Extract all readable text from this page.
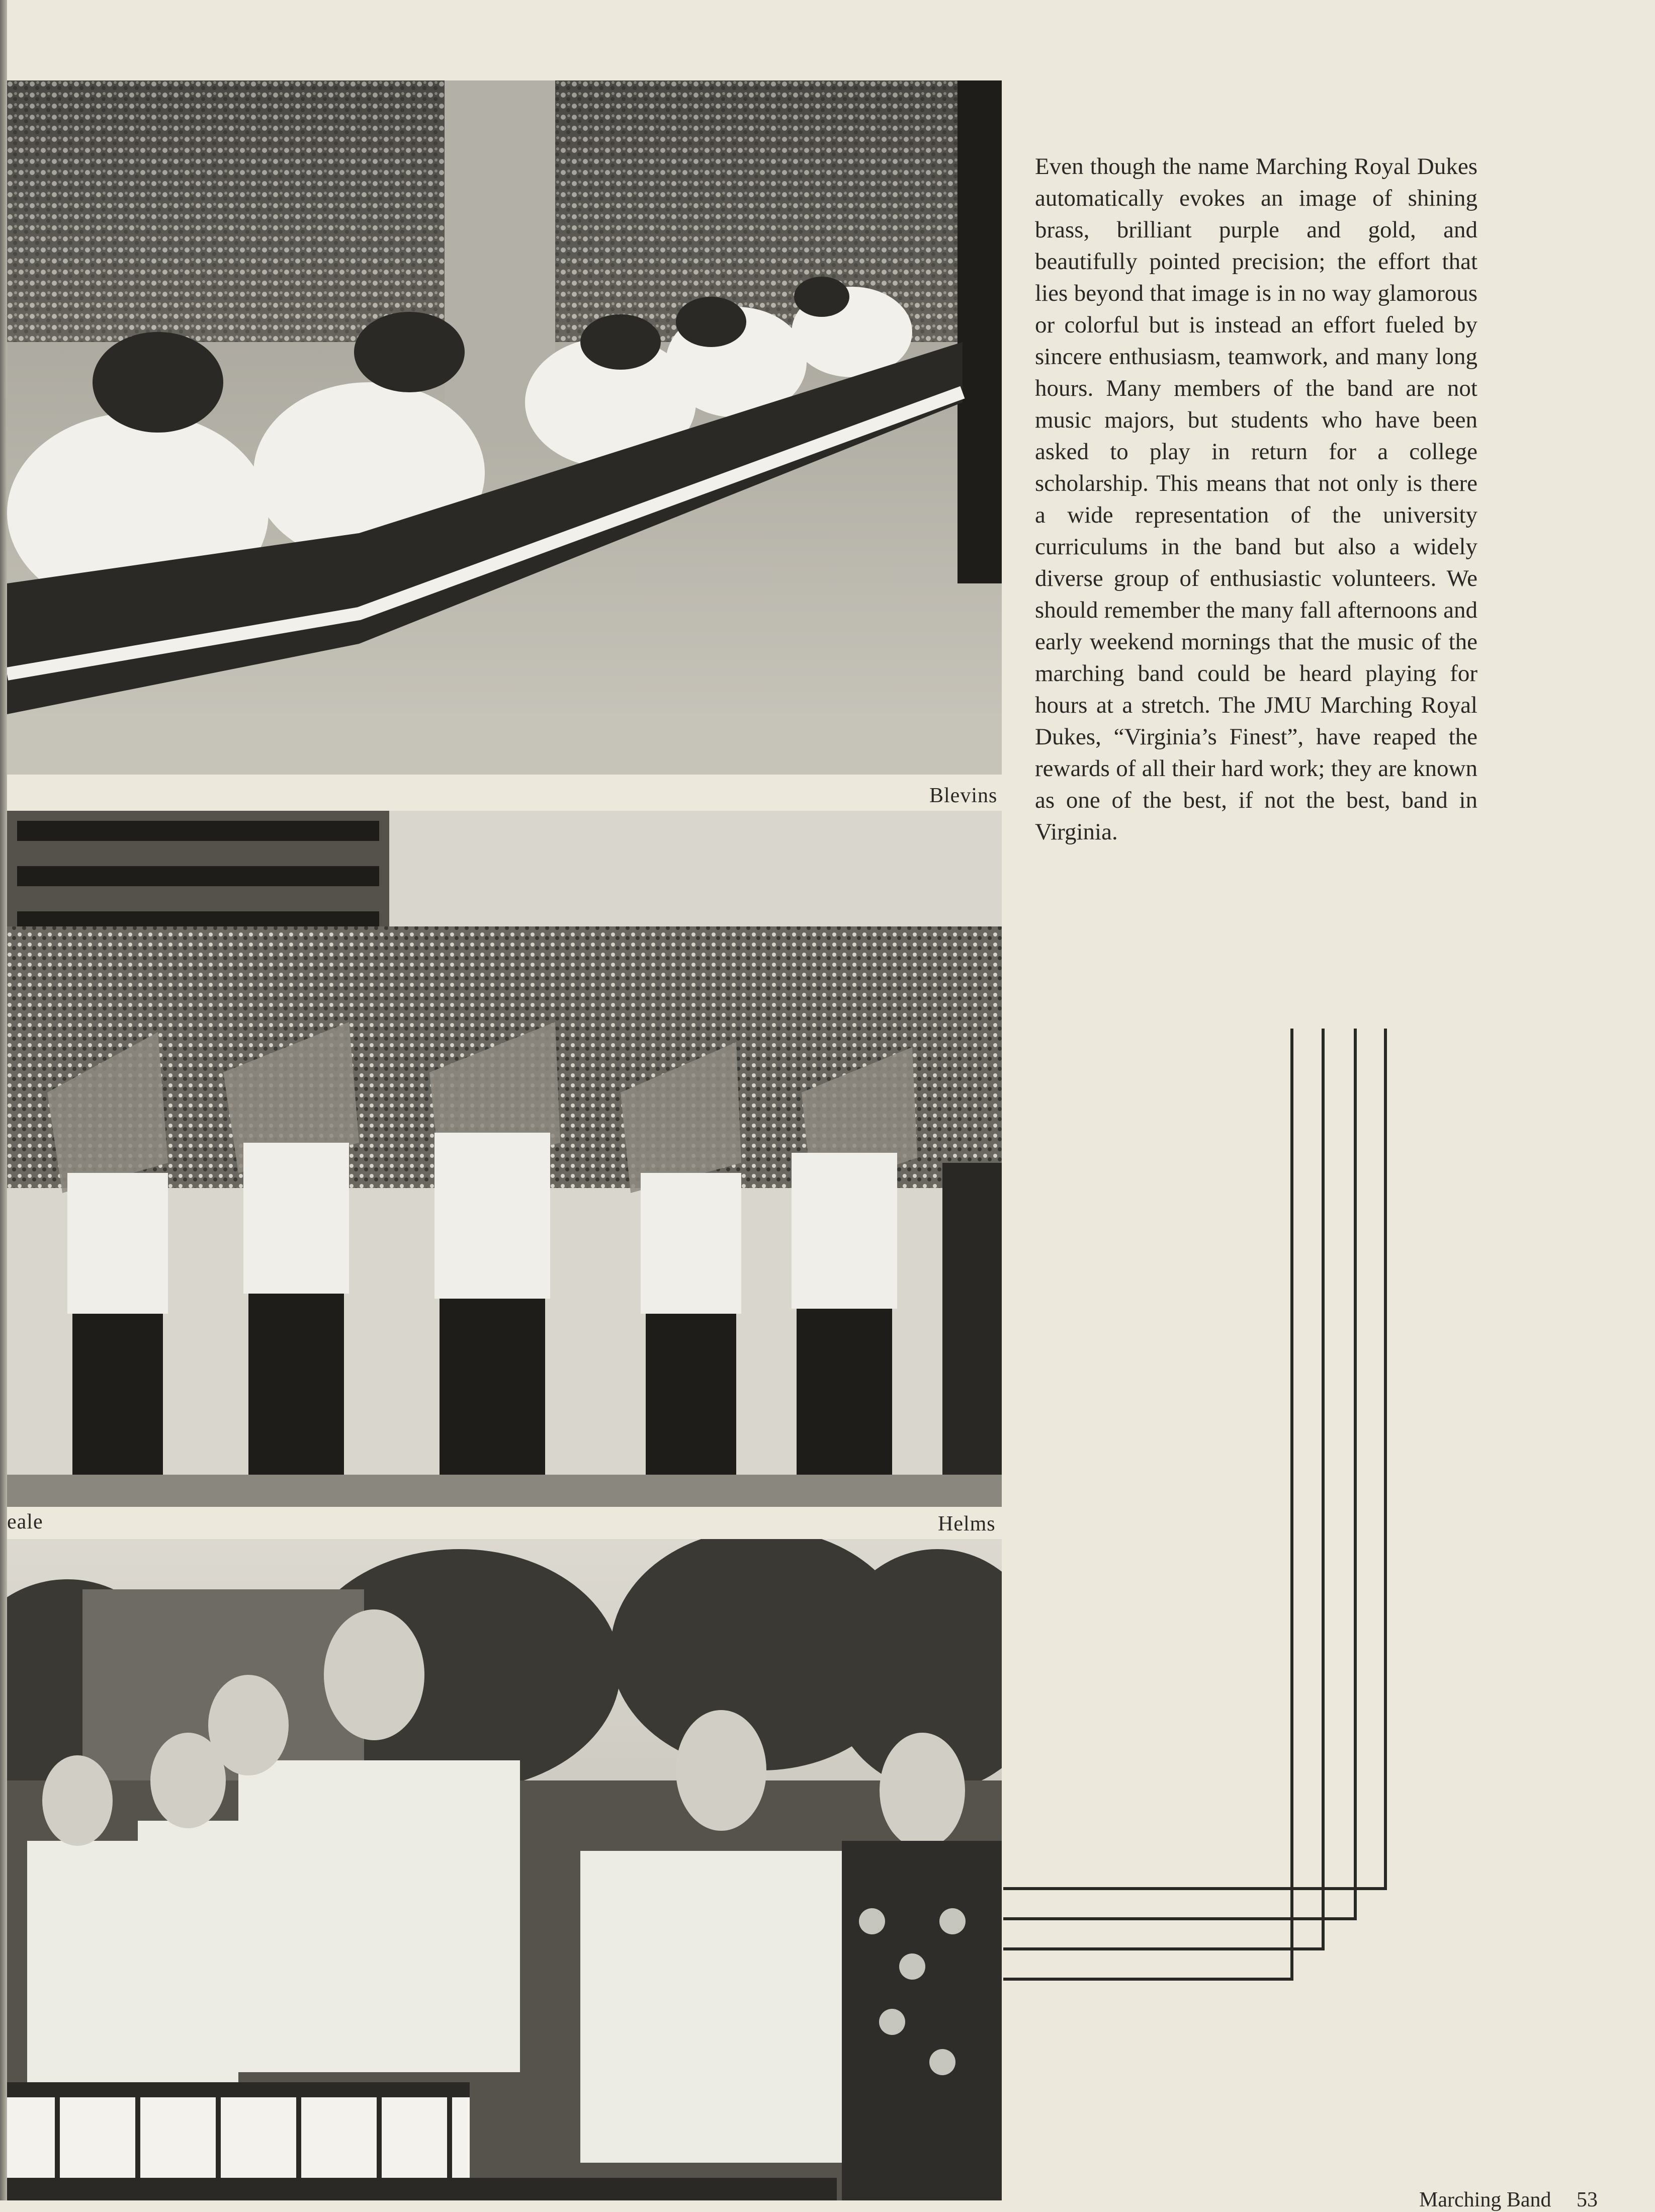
Blevins
eale	Helms
Even though the name Marching Royal Dukes automatically evokes an image of shining brass, brilliant purple and gold, and beautifully pointed precision; the effort that lies beyond that image is in no way glamorous or colorful but is instead an effort fueled by sincere enthusiasm, teamwork, and many long hours. Many members of the band are not music majors, but students who have been asked to play in return for a college scholarship. This means that not only is there a wide representation of the university curriculums in the band but also a widely diverse group of enthusiastic volunteers. We should remember the many fall afternoons and early weekend mornings that the music of the marching band could be heard playing for hours at a stretch. The JMU Marching Royal Dukes, “Virginia’s Finest”, have reaped the rewards of all their hard work; they are known as one of the best, if not the best, band in Virginia.
Marching Band 53
